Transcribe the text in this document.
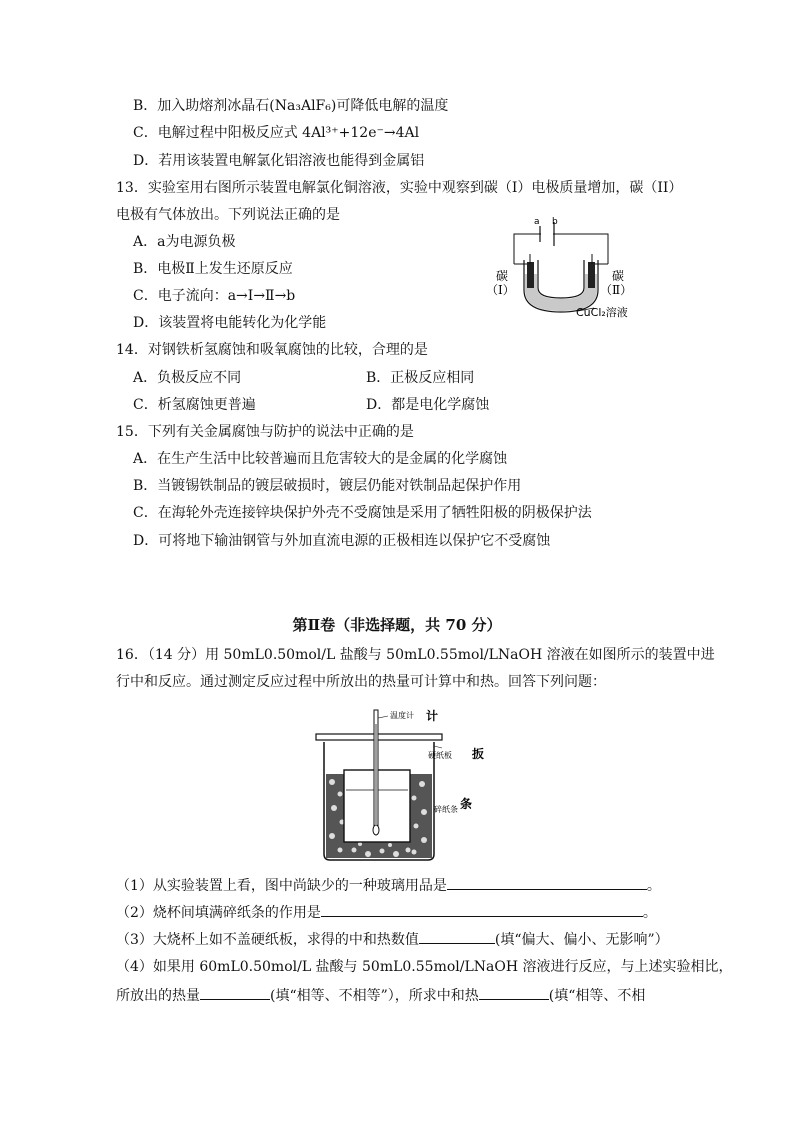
B．加入助熔剂冰晶石(Na₃AlF₆)可降低电解的温度
C．电解过程中阳极反应式 4Al³⁺+12e⁻→4Al
D．若用该装置电解氯化铝溶液也能得到金属铝
13．实验室用右图所示装置电解氯化铜溶液，实验中观察到碳（I）电极质量增加，碳（II）
电极有气体放出。下列说法正确的是
A．a为电源负极
B．电极Ⅱ上发生还原反应
C．电子流向：a→Ⅰ→Ⅱ→b
D．该装置将电能转化为化学能
a b
碳
（Ⅰ）
碳
（Ⅱ）
CuCl₂溶液
14．对钢铁析氢腐蚀和吸氧腐蚀的比较，合理的是
A．负极反应不同	B．正极反应相同
C．析氢腐蚀更普遍	D．都是电化学腐蚀
15．下列有关金属腐蚀与防护的说法中正确的是
A．在生产生活中比较普遍而且危害较大的是金属的化学腐蚀
B．当镀锡铁制品的镀层破损时，镀层仍能对铁制品起保护作用
C．在海轮外壳连接锌块保护外壳不受腐蚀是采用了牺牲阳极的阴极保护法
D．可将地下输油钢管与外加直流电源的正极相连以保护它不受腐蚀
第Ⅱ卷（非选择题，共 70 分）
16．（14 分）用 50mL0.50mol/L 盐酸与 50mL0.55mol/LNaOH 溶液在如图所示的装置中进
行中和反应。通过测定反应过程中所放出的热量可计算中和热。回答下列问题：
温度计 计
硬纸板 扳
碎纸条 条
（1）从实验装置上看，图中尚缺少的一种玻璃用品是	。
（2）烧杯间填满碎纸条的作用是	。
（3）大烧杯上如不盖硬纸板，求得的中和热数值	(填“偏大、偏小、无影响”）
（4）如果用 60mL0.50mol/L 盐酸与 50mL0.55mol/LNaOH 溶液进行反应，与上述实验相比，
所放出的热量	(填“相等、不相等”），所求中和热	(填“相等、不相
